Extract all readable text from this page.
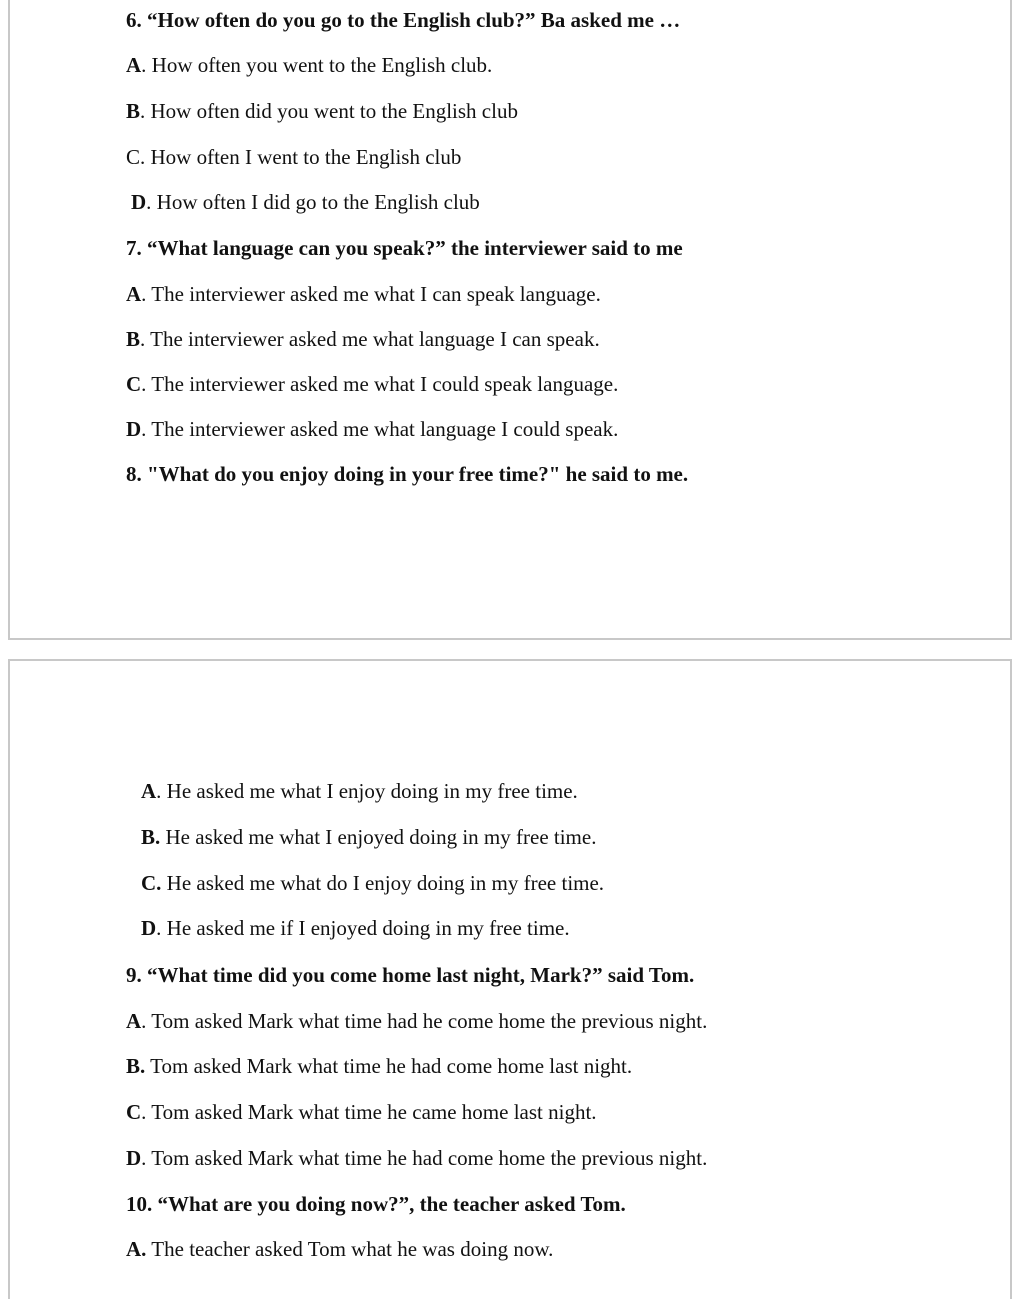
6. “How often do you go to the English club?” Ba asked me …
A. How often you went to the English club.
B. How often did you went to the English club
C. How often I went to the English club
D. How often I did go to the English club
7. “What language can you speak?” the interviewer said to me
A. The interviewer asked me what I can speak language.
B. The interviewer asked me what language I can speak.
C. The interviewer asked me what I could speak language.
D. The interviewer asked me what language I could speak.
8. "What do you enjoy doing in your free time?" he said to me.
A. He asked me what I enjoy doing in my free time.
B. He asked me what I enjoyed doing in my free time.
C. He asked me what do I enjoy doing in my free time.
D. He asked me if I enjoyed doing in my free time.
9. “What time did you come home last night, Mark?” said Tom.
A. Tom asked Mark what time had he come home the previous night.
B. Tom asked Mark what time he had come home last night.
C. Tom asked Mark what time he came home last night.
D. Tom asked Mark what time he had come home the previous night.
10. “What are you doing now?”, the teacher asked Tom.
A. The teacher asked Tom what he was doing now.
